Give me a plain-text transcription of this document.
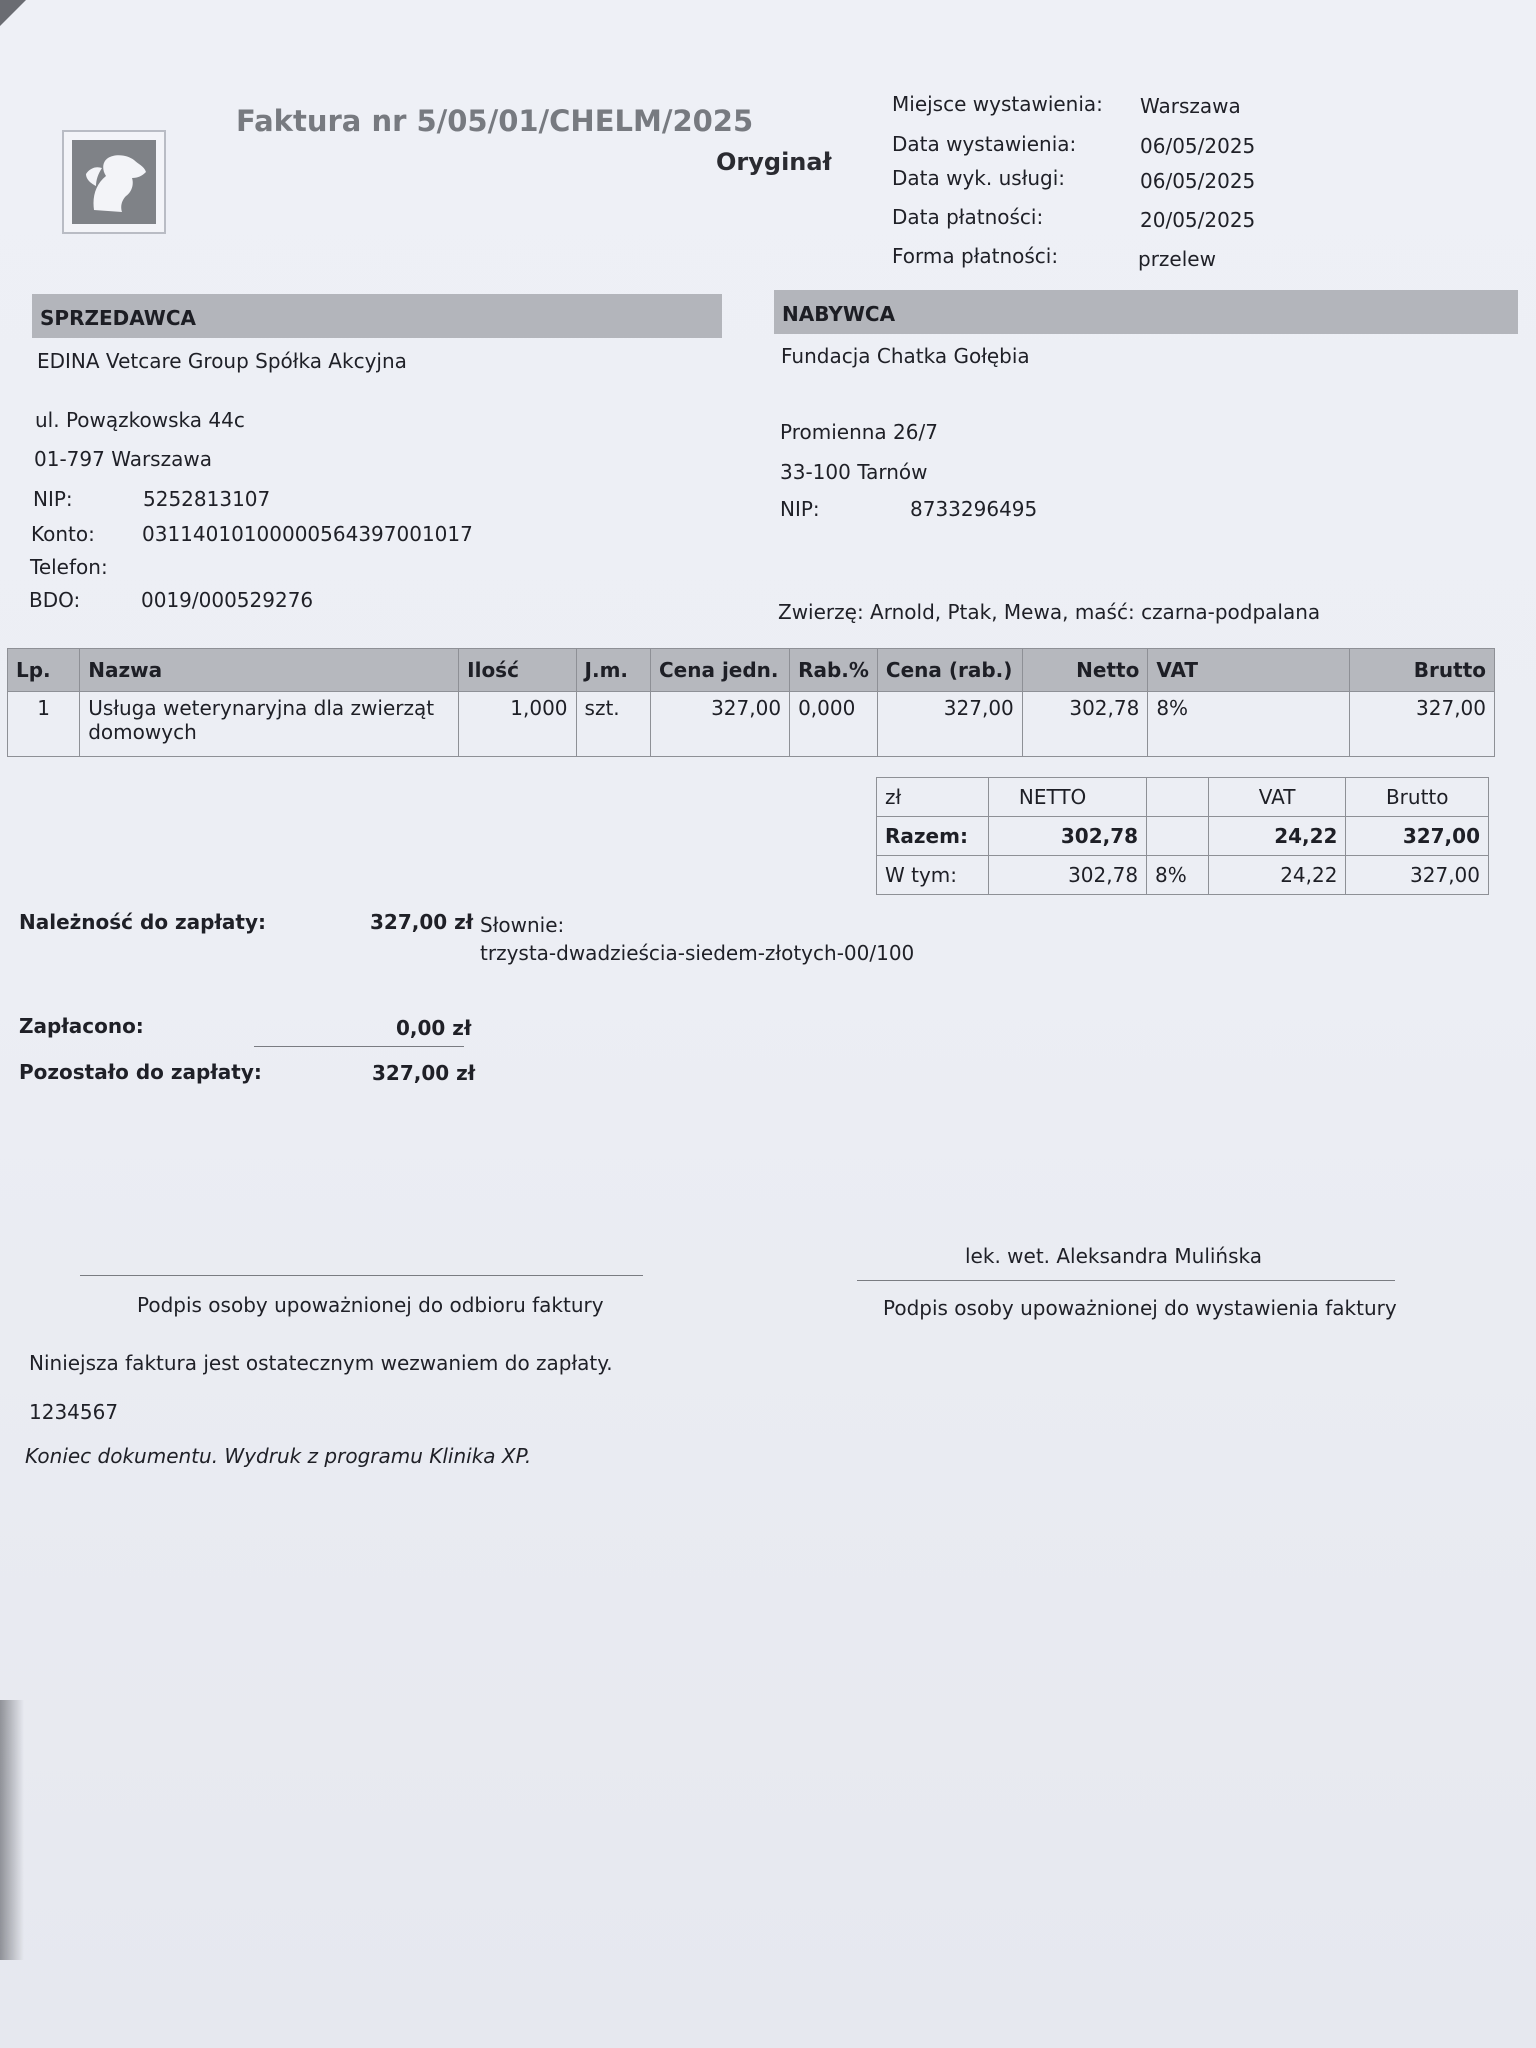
Faktura nr 5/05/01/CHELM/2025
Oryginał
Miejsce wystawienia: Warszawa
Data wystawienia:	06/05/2025
Data wyk. usługi:	06/05/2025
Data płatności:	20/05/2025
Forma płatności:	przelew
SPRZEDAWCA	NABYWCA
EDINA Vetcare Group Spółka Akcyjna
ul. Powązkowska 44c
01-797 Warszawa
NIP:	5252813107
Konto: 03114010100000564397001017
Telefon:
BDO:	0019/000529276
Fundacja Chatka Gołębia
Promienna 26/7
33-100 Tarnów
NIP:	8733296495
Zwierzę: Arnold, Ptak, Mewa, maść: czarna-podpalana
Lp.	Nazwa	Ilość	J.m.	Cena jedn.	Rab.%	Cena (rab.)	Netto	VAT	Brutto
1	Usługa weterynaryjna dla zwierząt domowych	1,000	szt.	327,00	0,000	327,00	302,78	8%	327,00
zł	NETTO		VAT	Brutto
Razem:	302,78		24,22	327,00
W tym:	302,78	8%	24,22	327,00
Należność do zapłaty:	327,00 zł Słownie:
trzysta-dwadzieścia-siedem-złotych-00/100
Zapłacono:	0,00 zł
Pozostało do zapłaty:	327,00 zł
lek. wet. Aleksandra Mulińska
Podpis osoby upoważnionej do odbioru faktury	Podpis osoby upoważnionej do wystawienia faktury
Niniejsza faktura jest ostatecznym wezwaniem do zapłaty.
1234567
Koniec dokumentu. Wydruk z programu Klinika XP.
